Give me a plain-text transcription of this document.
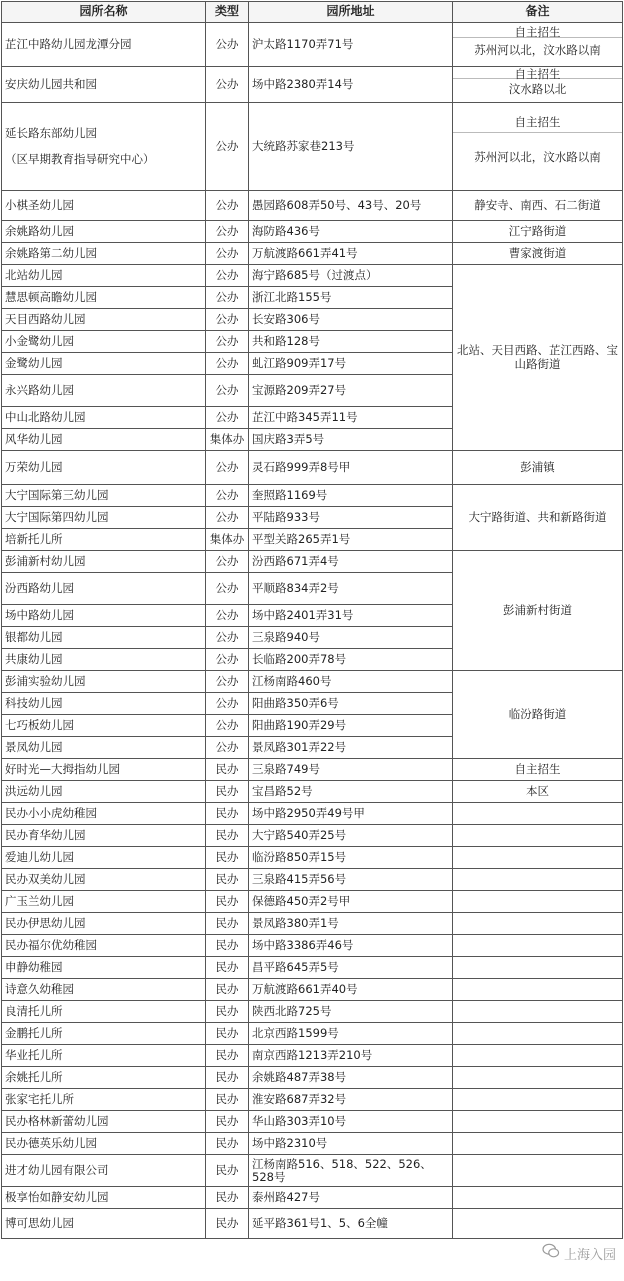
园所名称	类型	园所地址	备注
芷江中路幼儿园龙潭分园	公办	沪太路1170弄71号	自主招生
苏州河以北，汶水路以南

安庆幼儿园共和园	公办	场中路2380弄14号	自主招生
汶水路以北

延长路东部幼儿园

（区早期教育指导研究中心）	公办	大统路苏家巷213号	自主招生
苏州河以北，汶水路以南

小棋圣幼儿园	公办	愚园路608弄50号、43号、20号	静安寺、南西、石二街道
余姚路幼儿园	公办	海防路436号	江宁路街道
余姚路第二幼儿园	公办	万航渡路661弄41号	曹家渡街道
北站幼儿园	公办	海宁路685号（过渡点）	北站、天目西路、芷江西路、宝山路街道
慧思顿高瞻幼儿园	公办	浙江北路155号	
天目西路幼儿园	公办	长安路306号	
小金鹭幼儿园	公办	共和路128号	
金鹭幼儿园	公办	虬江路909弄17号	
永兴路幼儿园	公办	宝源路209弄27号	
中山北路幼儿园	公办	芷江中路345弄11号	
风华幼儿园	集体办	国庆路3弄5号	
万荣幼儿园	公办	灵石路999弄8号甲	彭浦镇
大宁国际第三幼儿园	公办	奎照路1169号	大宁路街道、共和新路街道
大宁国际第四幼儿园	公办	平陆路933号	
培新托儿所	集体办	平型关路265弄1号	
彭浦新村幼儿园	公办	汾西路671弄4号	彭浦新村街道
汾西路幼儿园	公办	平顺路834弄2号	
场中路幼儿园	公办	场中路2401弄31号	
银都幼儿园	公办	三泉路940号	
共康幼儿园	公办	长临路200弄78号	
彭浦实验幼儿园	公办	江杨南路460号	临汾路街道
科技幼儿园	公办	阳曲路350弄6号	
七巧板幼儿园	公办	阳曲路190弄29号	
景凤幼儿园	公办	景凤路301弄22号	
好时光—大拇指幼儿园	民办	三泉路749号	自主招生
洪远幼儿园	民办	宝昌路52号	本区
民办小小虎幼稚园	民办	场中路2950弄49号甲	
民办育华幼儿园	民办	大宁路540弄25号	
爱迪儿幼儿园	民办	临汾路850弄15号	
民办双美幼儿园	民办	三泉路415弄56号	
广玉兰幼儿园	民办	保德路450弄2号甲	
民办伊思幼儿园	民办	景凤路380弄1号	
民办福尔优幼稚园	民办	场中路3386弄46号	
申静幼稚园	民办	昌平路645弄5号	
诗意久幼稚园	民办	万航渡路661弄40号	
良清托儿所	民办	陕西北路725号	
金鹏托儿所	民办	北京西路1599号	
华业托儿所	民办	南京西路1213弄210号	
余姚托儿所	民办	余姚路487弄38号	
张家宅托儿所	民办	淮安路687弄32号	
民办格林新蕾幼儿园	民办	华山路303弄10号	
民办德英乐幼儿园	民办	场中路2310号	
进才幼儿园有限公司	民办	江杨南路516、518、522、526、528号	
极享怡如静安幼儿园	民办	泰州路427号	
博可思幼儿园	民办	延平路361号1、5、6全幢	
上海入园
